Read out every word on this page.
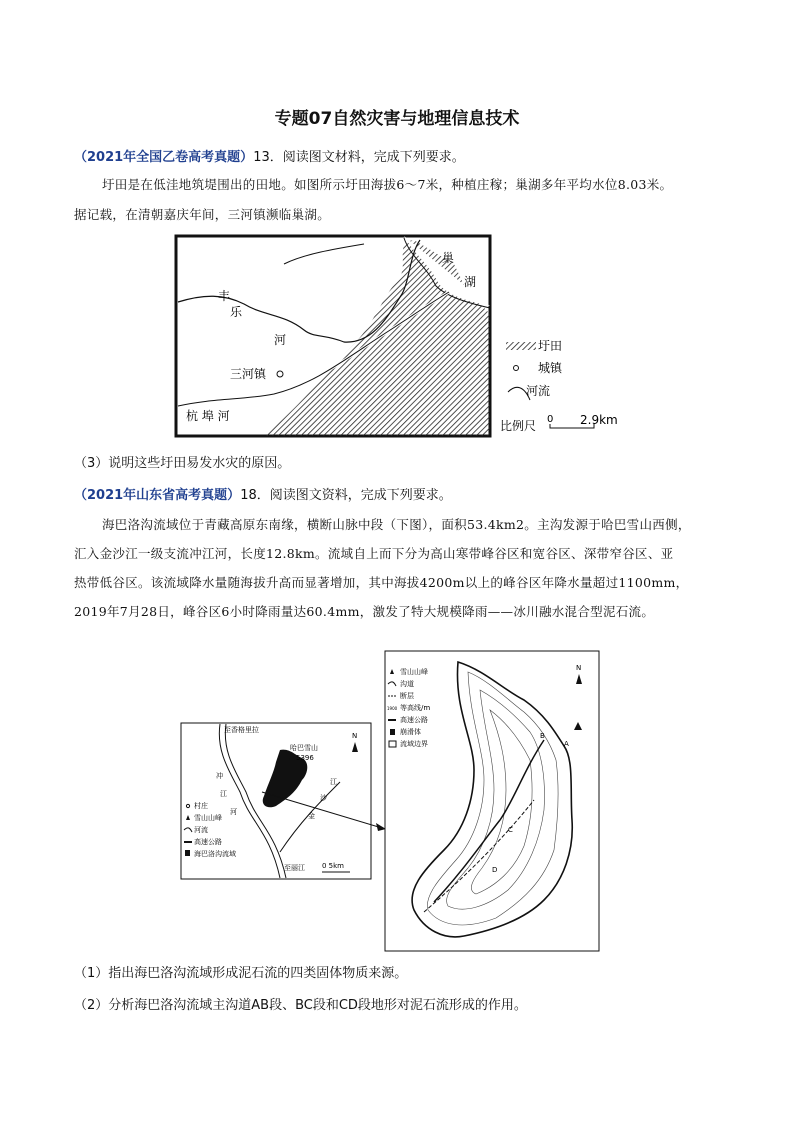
专题07自然灾害与地理信息技术
（2021年全国乙卷高考真题）13．阅读图文材料，完成下列要求。
圩田是在低洼地筑堤围出的田地。如图所示圩田海拔6～7米，种植庄稼；巢湖多年平均水位8.03米。
据记载，在清朝嘉庆年间，三河镇濒临巢湖。
巢
湖
丰
乐
河
三河镇
杭 埠 河
圩田
城镇
河流
比例尺 0 2.9km
（3）说明这些圩田易发水灾的原因。
（2021年山东省高考真题）18．阅读图文资料，完成下列要求。
海巴洛沟流域位于青藏高原东南缘，横断山脉中段（下图），面积53.4km2。主沟发源于哈巴雪山西侧，
汇入金沙江一级支流冲江河，长度12.8km。流域自上而下分为高山寒带峰谷区和宽谷区、深带窄谷区、亚
热带低谷区。该流域降水量随海拔升高而显著增加，其中海拔4200m以上的峰谷区年降水量超过1100mm，
2019年7月28日，峰谷区6小时降雨量达60.4mm，激发了特大规模降雨——冰川融水混合型泥石流。
至香格里拉
哈巴雪山
5396
N
冲
江
河
江
沙
金
至丽江 0 5km
村庄
雪山山峰
河流
高速公路
海巴洛沟流域
N
A
B
C
D
雪山山峰
沟道
断层
1900 等高线/m
高速公路
崩滑体
流域边界
（1）指出海巴洛沟流域形成泥石流的四类固体物质来源。
（2）分析海巴洛沟流域主沟道AB段、BC段和CD段地形对泥石流形成的作用。
